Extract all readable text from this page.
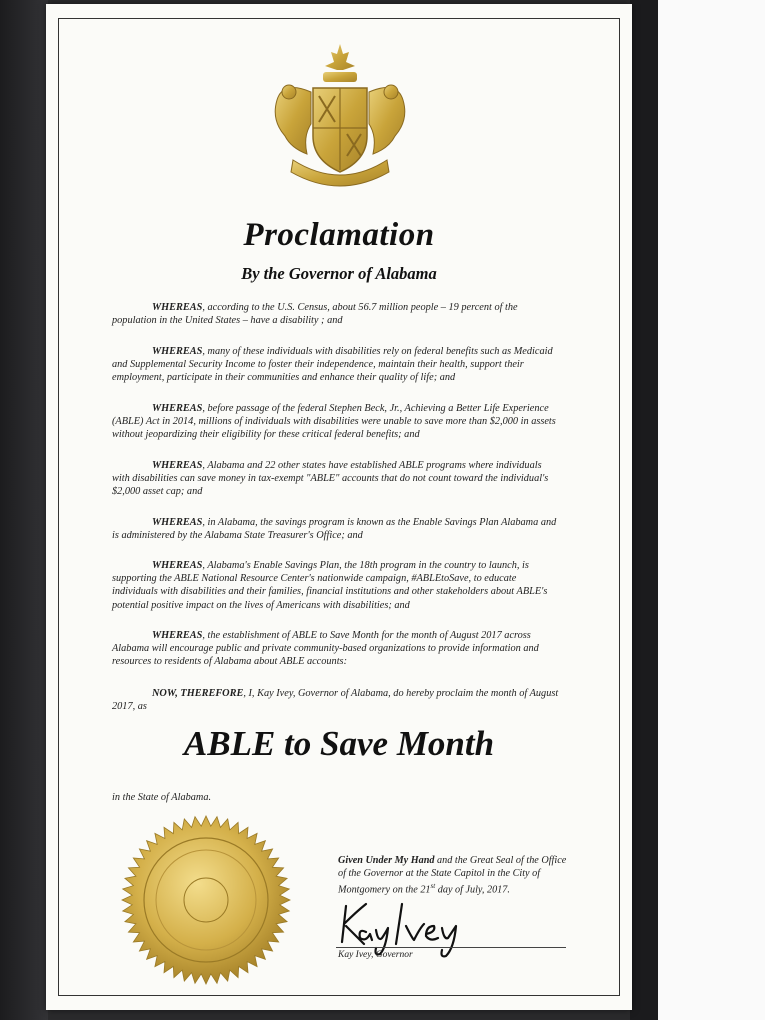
Proclamation
By the Governor of Alabama

WHEREAS, according to the U.S. Census, about 56.7 million people – 19 percent of the population in the United States – have a disability ; and

WHEREAS, many of these individuals with disabilities rely on federal benefits such as Medicaid and Supplemental Security Income to foster their independence, maintain their health, support their employment, participate in their communities and enhance their quality of life; and

WHEREAS, before passage of the federal Stephen Beck, Jr., Achieving a Better Life Experience (ABLE) Act in 2014, millions of individuals with disabilities were unable to save more than $2,000 in assets without jeopardizing their eligibility for these critical federal benefits; and

WHEREAS, Alabama and 22 other states have established ABLE programs where individuals with disabilities can save money in tax-exempt "ABLE" accounts that do not count toward the individual's $2,000 asset cap; and

WHEREAS, in Alabama, the savings program is known as the Enable Savings Plan Alabama and is administered by the Alabama State Treasurer's Office; and

WHEREAS, Alabama's Enable Savings Plan, the 18th program in the country to launch, is supporting the ABLE National Resource Center's nationwide campaign, #ABLEtoSave, to educate individuals with disabilities and their families, financial institutions and other stakeholders about ABLE's potential positive impact on the lives of Americans with disabilities; and

WHEREAS, the establishment of ABLE to Save Month for the month of August 2017 across Alabama will encourage public and private community-based organizations to provide information and resources to residents of Alabama about ABLE accounts:

NOW, THEREFORE, I, Kay Ivey, Governor of Alabama, do hereby proclaim the month of August 2017, as

ABLE to Save Month
in the State of Alabama.
Given Under My Hand and the Great Seal of the Office of the Governor at the State Capitol in the City of Montgomery on the 21st day of July, 2017.
Kay Ivey, Governor
